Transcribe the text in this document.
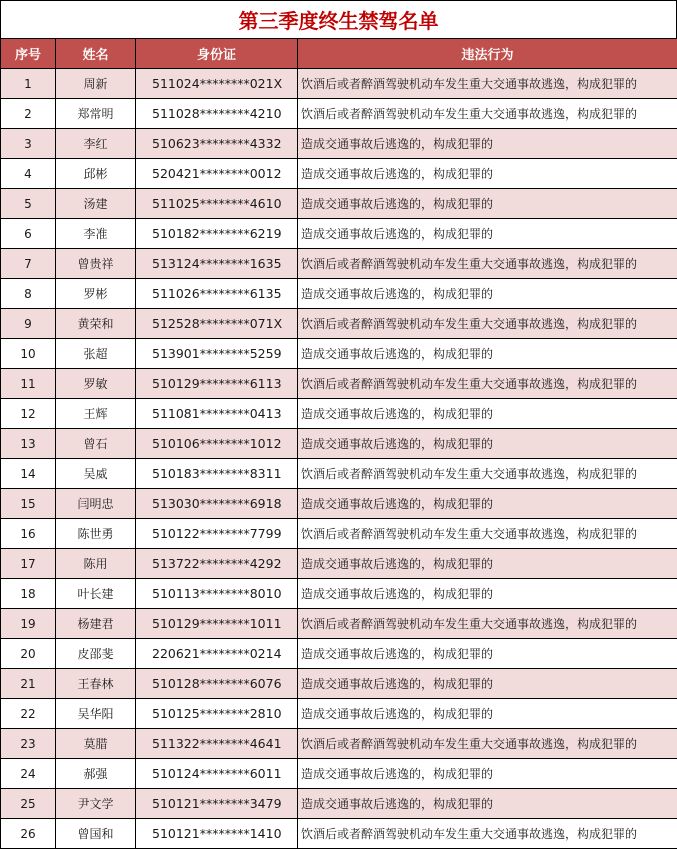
第三季度终生禁驾名单
序号	姓名	身份证	违法行为
1	周新	511024********021X	饮酒后或者醉酒驾驶机动车发生重大交通事故逃逸，构成犯罪的
2	郑常明	511028********4210	饮酒后或者醉酒驾驶机动车发生重大交通事故逃逸，构成犯罪的
3	李红	510623********4332	造成交通事故后逃逸的，构成犯罪的
4	邱彬	520421********0012	造成交通事故后逃逸的，构成犯罪的
5	汤建	511025********4610	造成交通事故后逃逸的，构成犯罪的
6	李准	510182********6219	造成交通事故后逃逸的，构成犯罪的
7	曾贵祥	513124********1635	饮酒后或者醉酒驾驶机动车发生重大交通事故逃逸，构成犯罪的
8	罗彬	511026********6135	造成交通事故后逃逸的，构成犯罪的
9	黄荣和	512528********071X	饮酒后或者醉酒驾驶机动车发生重大交通事故逃逸，构成犯罪的
10	张超	513901********5259	造成交通事故后逃逸的，构成犯罪的
11	罗敏	510129********6113	饮酒后或者醉酒驾驶机动车发生重大交通事故逃逸，构成犯罪的
12	王辉	511081********0413	造成交通事故后逃逸的，构成犯罪的
13	曾石	510106********1012	造成交通事故后逃逸的，构成犯罪的
14	吴威	510183********8311	饮酒后或者醉酒驾驶机动车发生重大交通事故逃逸，构成犯罪的
15	闫明忠	513030********6918	造成交通事故后逃逸的，构成犯罪的
16	陈世勇	510122********7799	饮酒后或者醉酒驾驶机动车发生重大交通事故逃逸，构成犯罪的
17	陈用	513722********4292	造成交通事故后逃逸的，构成犯罪的
18	叶长建	510113********8010	造成交通事故后逃逸的，构成犯罪的
19	杨建君	510129********1011	饮酒后或者醉酒驾驶机动车发生重大交通事故逃逸，构成犯罪的
20	皮邵斐	220621********0214	造成交通事故后逃逸的，构成犯罪的
21	王春林	510128********6076	造成交通事故后逃逸的，构成犯罪的
22	吴华阳	510125********2810	造成交通事故后逃逸的，构成犯罪的
23	莫腊	511322********4641	饮酒后或者醉酒驾驶机动车发生重大交通事故逃逸，构成犯罪的
24	郝强	510124********6011	造成交通事故后逃逸的，构成犯罪的
25	尹文学	510121********3479	造成交通事故后逃逸的，构成犯罪的
26	曾国和	510121********1410	饮酒后或者醉酒驾驶机动车发生重大交通事故逃逸，构成犯罪的
